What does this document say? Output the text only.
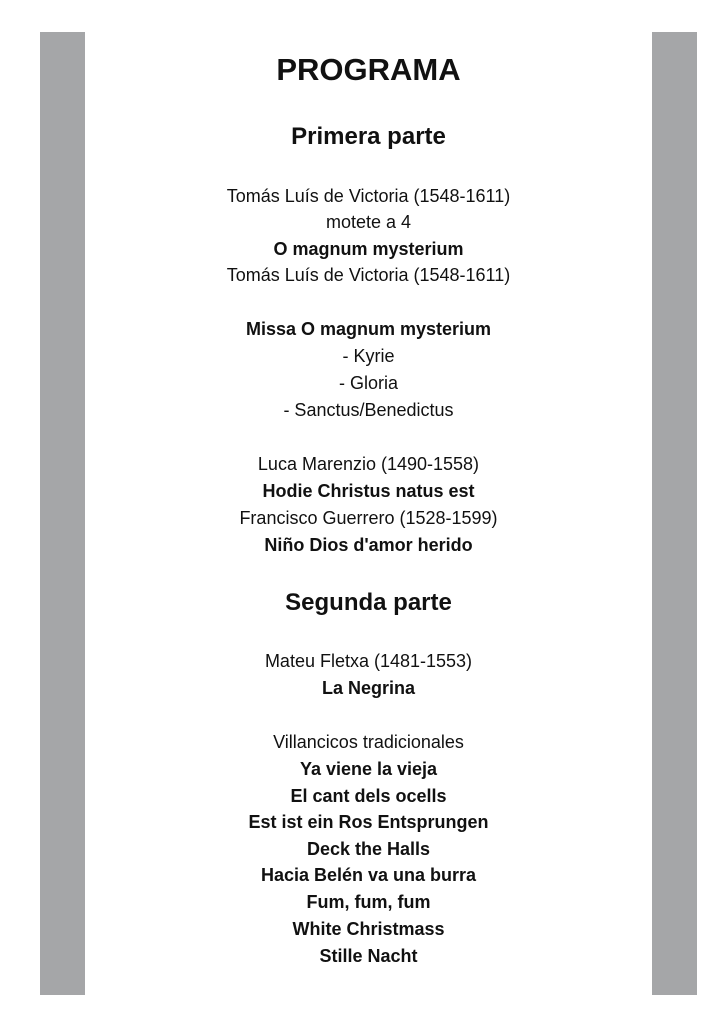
PROGRAMA
Primera parte
Tomás Luís de Victoria (1548-1611)
motete a 4
O magnum mysterium
Tomás Luís de Victoria (1548-1611)
Missa O magnum mysterium
- Kyrie
- Gloria
- Sanctus/Benedictus
Luca Marenzio (1490-1558)
Hodie Christus natus est
Francisco Guerrero (1528-1599)
Niño Dios d'amor herido
Segunda parte
Mateu Fletxa (1481-1553)
La Negrina
Villancicos tradicionales
Ya viene la vieja
El cant dels ocells
Est ist ein Ros Entsprungen
Deck the Halls
Hacia Belén va una burra
Fum, fum, fum
White Christmass
Stille Nacht
